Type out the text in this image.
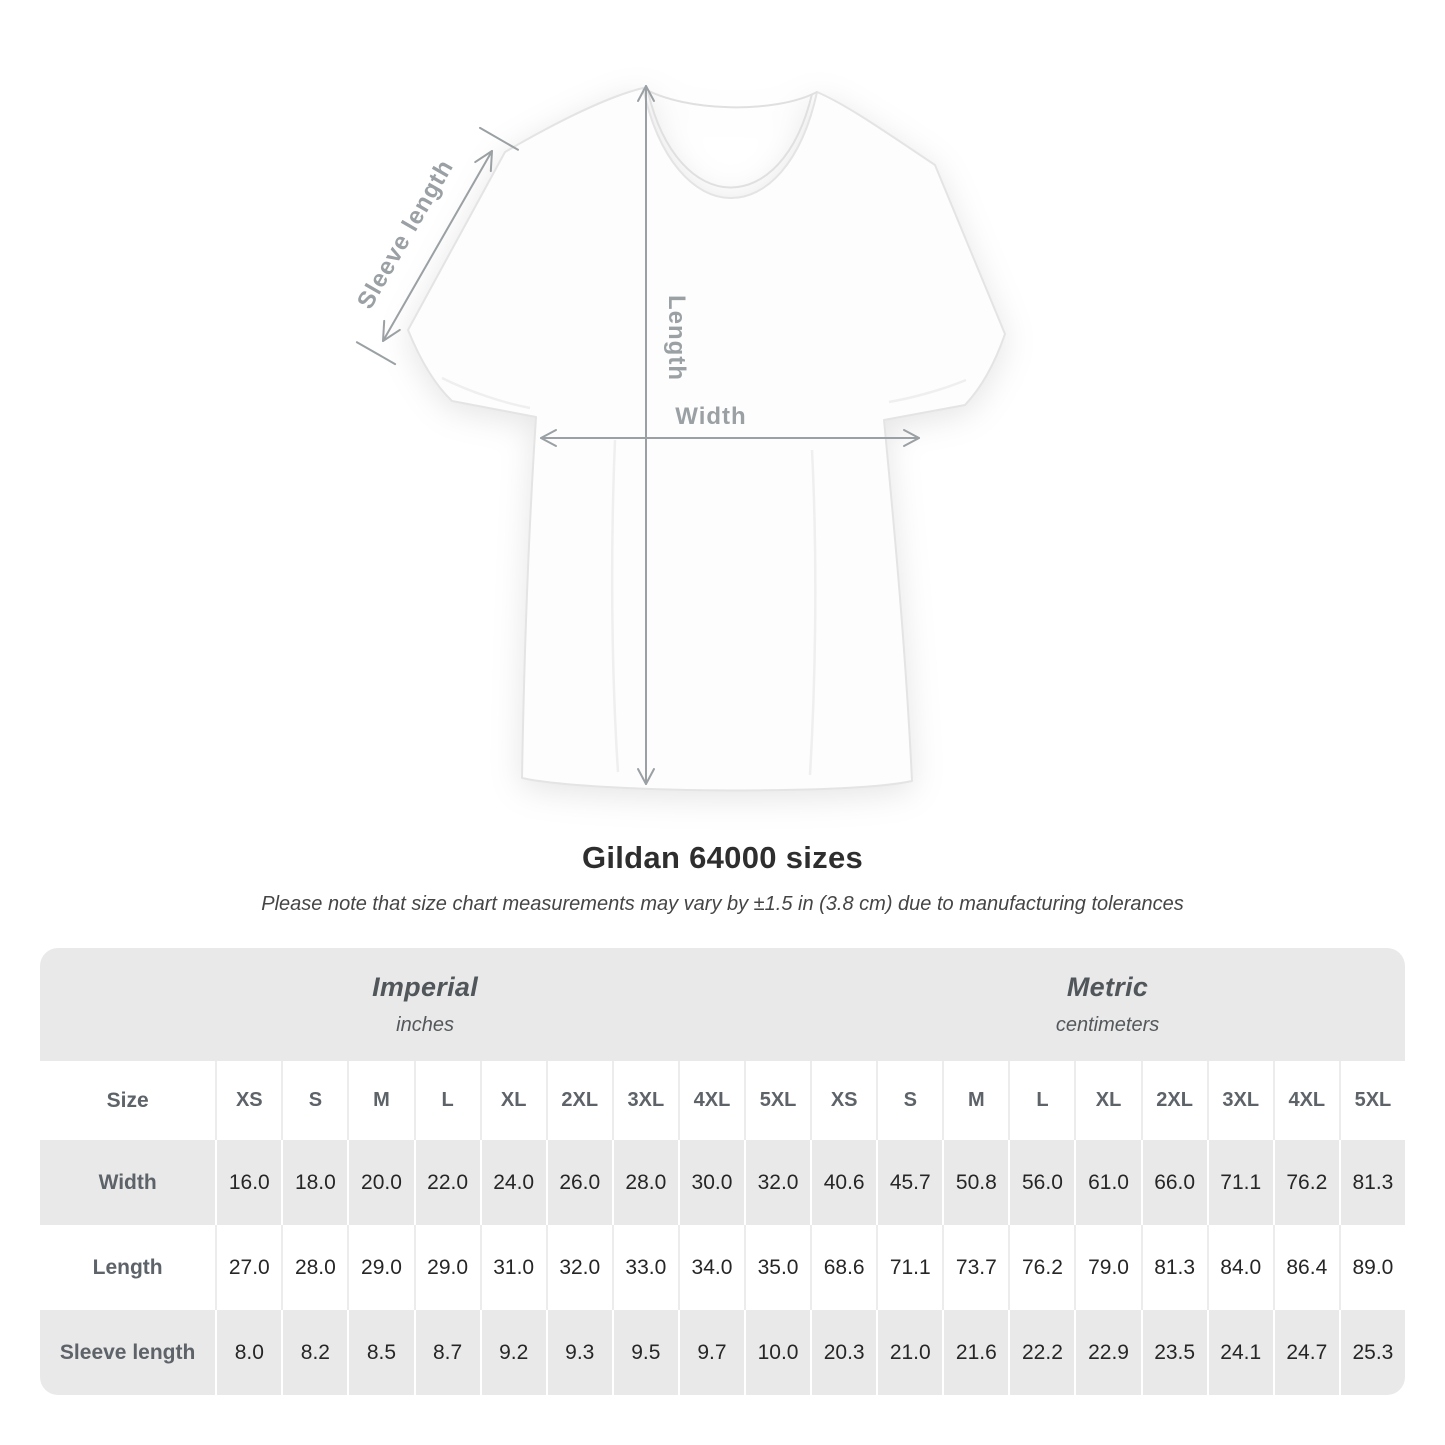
Sleeve length
Length
Width
Gildan 64000 sizes
Please note that size chart measurements may vary by ±1.5 in (3.8 cm) due to manufacturing tolerances
Imperial
inches

Metric
centimeters

Size	XS	S	M	L	XL	2XL	3XL	4XL	5XL	XS	S	M	L	XL	2XL	3XL	4XL	5XL
Width	16.0	18.0	20.0	22.0	24.0	26.0	28.0	30.0	32.0	40.6	45.7	50.8	56.0	61.0	66.0	71.1	76.2	81.3
Length	27.0	28.0	29.0	29.0	31.0	32.0	33.0	34.0	35.0	68.6	71.1	73.7	76.2	79.0	81.3	84.0	86.4	89.0
Sleeve length	8.0	8.2	8.5	8.7	9.2	9.3	9.5	9.7	10.0	20.3	21.0	21.6	22.2	22.9	23.5	24.1	24.7	25.3
